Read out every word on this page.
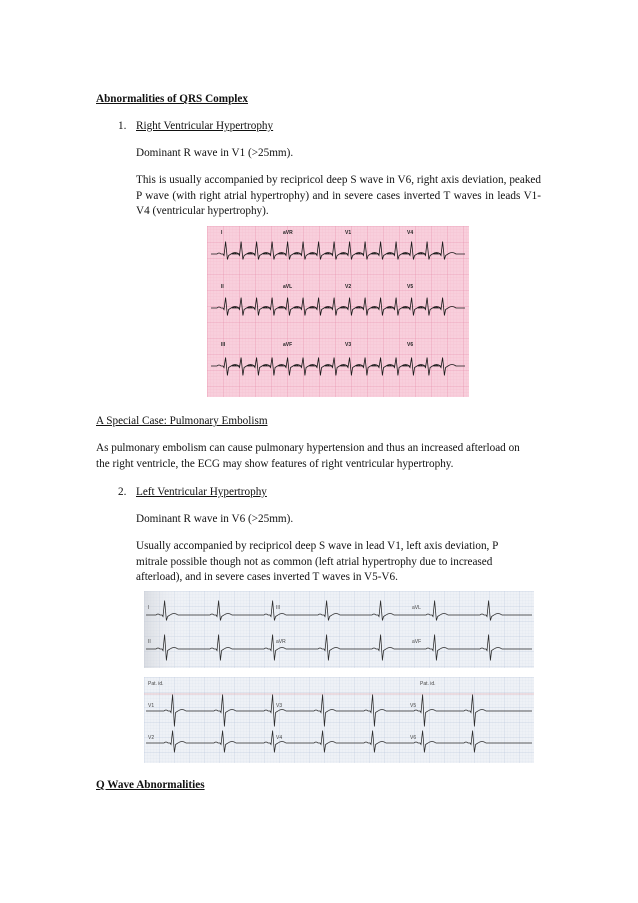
Abnormalities of QRS Complex

1. Right Ventricular Hypertrophy

Dominant R wave in V1 (>25mm).

This is usually accompanied by recipricol deep S wave in V6, right axis deviation, peaked P wave (with right atrial hypertrophy) and in severe cases inverted T waves in leads V1- V4 (ventricular hypertrophy).

I	aVR	V1	V4
II	aVL	V2	V5
III	aVF	V3	V6

A Special Case: Pulmonary Embolism

As pulmonary embolism can cause pulmonary hypertension and thus an increased afterload on the right ventricle, the ECG may show features of right ventricular hypertrophy.

2. Left Ventricular Hypertrophy

Dominant R wave in V6 (>25mm).

Usually accompanied by recipricol deep S wave in lead V1, left axis deviation, P mitrale possible though not as common (left atrial hypertrophy due to increased afterload), and in severe cases inverted T waves in V5-V6.

I	III	aVL
II	aVR	aVF
Pat. id.	Pat. id.
V1	V3	V5
V2	V4	V6

Q Wave Abnormalities
